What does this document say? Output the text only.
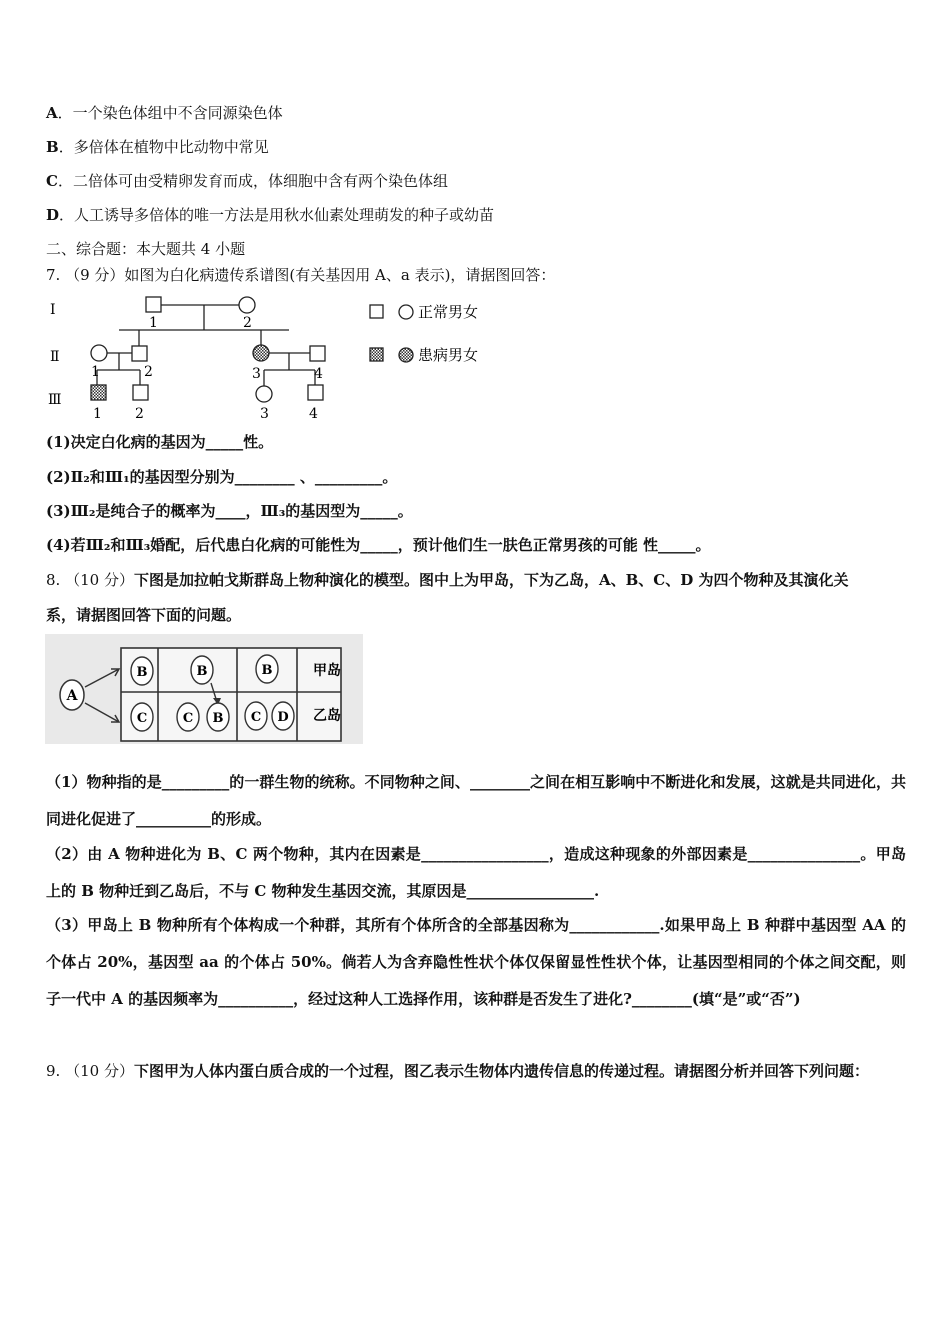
A．一个染色体组中不含同源染色体
B．多倍体在植物中比动物中常见
C．二倍体可由受精卵发育而成，体细胞中含有两个染色体组
D．人工诱导多倍体的唯一方法是用秋水仙素处理萌发的种子或幼苗
二、综合题：本大题共 4 小题
7. （9 分）如图为白化病遗传系谱图(有关基因用 A、a 表示)，请据图回答：
Ⅰ
Ⅱ
Ⅲ
1	2
1	2	3	4
1 2	3	4
正常男女
患病男女
(1)决定白化病的基因为_____性。
(2)Ⅱ₂和Ⅲ₁的基因型分别为________ 、_________。
(3)Ⅲ₂是纯合子的概率为____，Ⅲ₃的基因型为_____。
(4)若Ⅲ₂和Ⅲ₃婚配，后代患白化病的可能性为_____，预计他们生一肤色正常男孩的可能 性_____。
8. （10 分）下图是加拉帕戈斯群岛上物种演化的模型。图中上为甲岛，下为乙岛，A、B、C、D 为四个物种及其演化关
系，请据图回答下面的问题。
A
B	B	B
C	C B C D
甲岛
乙岛
（1）物种指的是_________的一群生物的统称。不同物种之间、________之间在相互影响中不断进化和发展，这就是共同进化，共同进化促进了__________的形成。
（2）由 A 物种进化为 B、C 两个物种，其内在因素是_________________，造成这种现象的外部因素是_______________。甲岛上的 B 物种迁到乙岛后，不与 C 物种发生基因交流，其原因是_________________.
（3）甲岛上 B 物种所有个体构成一个种群，其所有个体所含的全部基因称为____________.如果甲岛上 B 种群中基因型 AA 的个体占 20%，基因型 aa 的个体占 50%。倘若人为含弃隐性性状个体仅保留显性性状个体，让基因型相同的个体之间交配，则子一代中 A 的基因频率为__________，经过这种人工选择作用，该种群是否发生了进化?________(填“是”或“否”)
9. （10 分）下图甲为人体内蛋白质合成的一个过程，图乙表示生物体内遗传信息的传递过程。请据图分析并回答下列问题：
